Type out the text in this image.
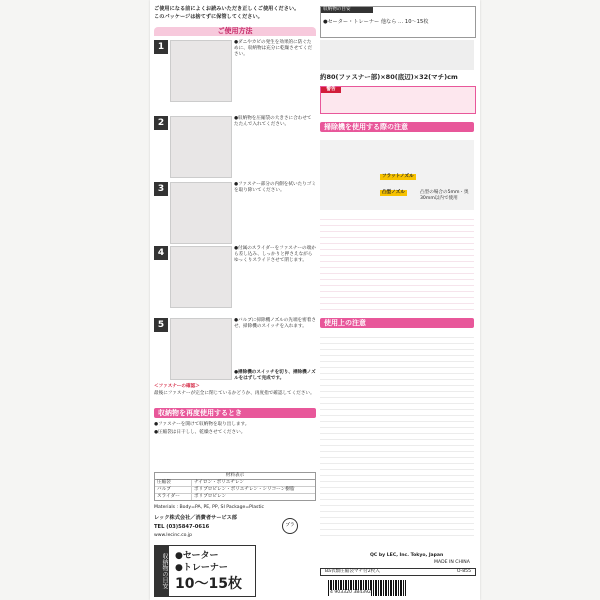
ご使用になる前によくお読みいただき正しくご使用ください。
このパッケージは捨てずに保管してください。
ご使用方法
1	●ダニやカビの発生を効果的に防ぐために、収納物は充分に乾燥させてください。
2	●収納物を圧縮袋の大きさに合わせてたたんで入れてください。
3	●ファスナー部分の内側を拭いたりゴミを取り除いてください。
4	●付属のスライダーをファスナーの端から差し込み、しっかりと押さえながらゆっくりスライドさせて閉じます。
5	●バルブに掃除機ノズルの先端を密着させ、掃除機のスイッチを入れます。
●掃除機のスイッチを切り、掃除機ノズルをはずして完成です。
＜ファスナーの確認＞
最後にファスナーが完全に閉じているかどうか、再度指で確認してください。
収納物を再度使用するとき
●ファスナーを開けて収納物を取り出します。
●圧縮袋は日干しし、乾燥させてください。
材料表示
圧縮袋	ナイロン・ポリエチレン
バルブ	ポリプロピレン・ポリエチレン・シリコーン樹脂
スライダー	ポリプロピレン
Materials : Body=PA, PE, PP, SI Package=Plastic
レック株式会社／消費者サービス部
TEL (03)5847-0616
www.lecinc.co.jp
プラ
収納物の目安 ●セーター
●トレーナー
10〜15枚
収納物の目安
●セーター・トレーナー 他なら … 10〜15枚
約80(ファスナー部)×80(底辺)×32(マチ)cm
警告
掃除機を使用する際の注意
フラットノズル
凸型ノズル	凸型の場合の5mm・奥30mm以内で使用
使用上の注意
QC by LEC, Inc. Tokyo, Japan
MADE IN CHINA
Ba衣類圧縮袋マチ付2枚入	O-855
4 903320 384392
